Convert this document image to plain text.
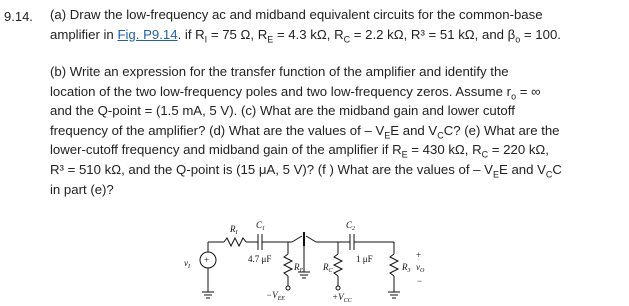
9.14. (a) Draw the low-frequency ac and midband equivalent circuits for the common-base
amplifier in Fig. P9.14. if $R_I = 75$ Ω, $R_E = 4.3$ kΩ, $R_C = 2.2$ kΩ, R³ = 51 kΩ, and $\beta_o = 100$.
(b) Write an expression for the transfer function of the amplifier and identify the
location of the two low-frequency poles and two low-frequency zeros. Assume $r_o$ = ∞
and the Q-point = (1.5 mA, 5 V). (c) What are the midband gain and lower cutoff
frequency of the amplifier? (d) What are the values of – $V_EE$ and $V_CC$? (e) What are the
lower-cutoff frequency and midband gain of the amplifier if $R_E = 430$ kΩ, $R_C = 220$ kΩ,
R³ = 510 kΩ, and the Q-point is (15 μA, 5 V)? (f ) What are the values of – $V_EE$ and $V_CC$
in part (e)?
+
$v_I$
$R_I$
$C_1$
4.7 μF
$R_E$
$-V_{EE}$
$R_C$
$+V_{CC}$
$C_2$
1 μF
$R_3$
+
$v_O$
−
